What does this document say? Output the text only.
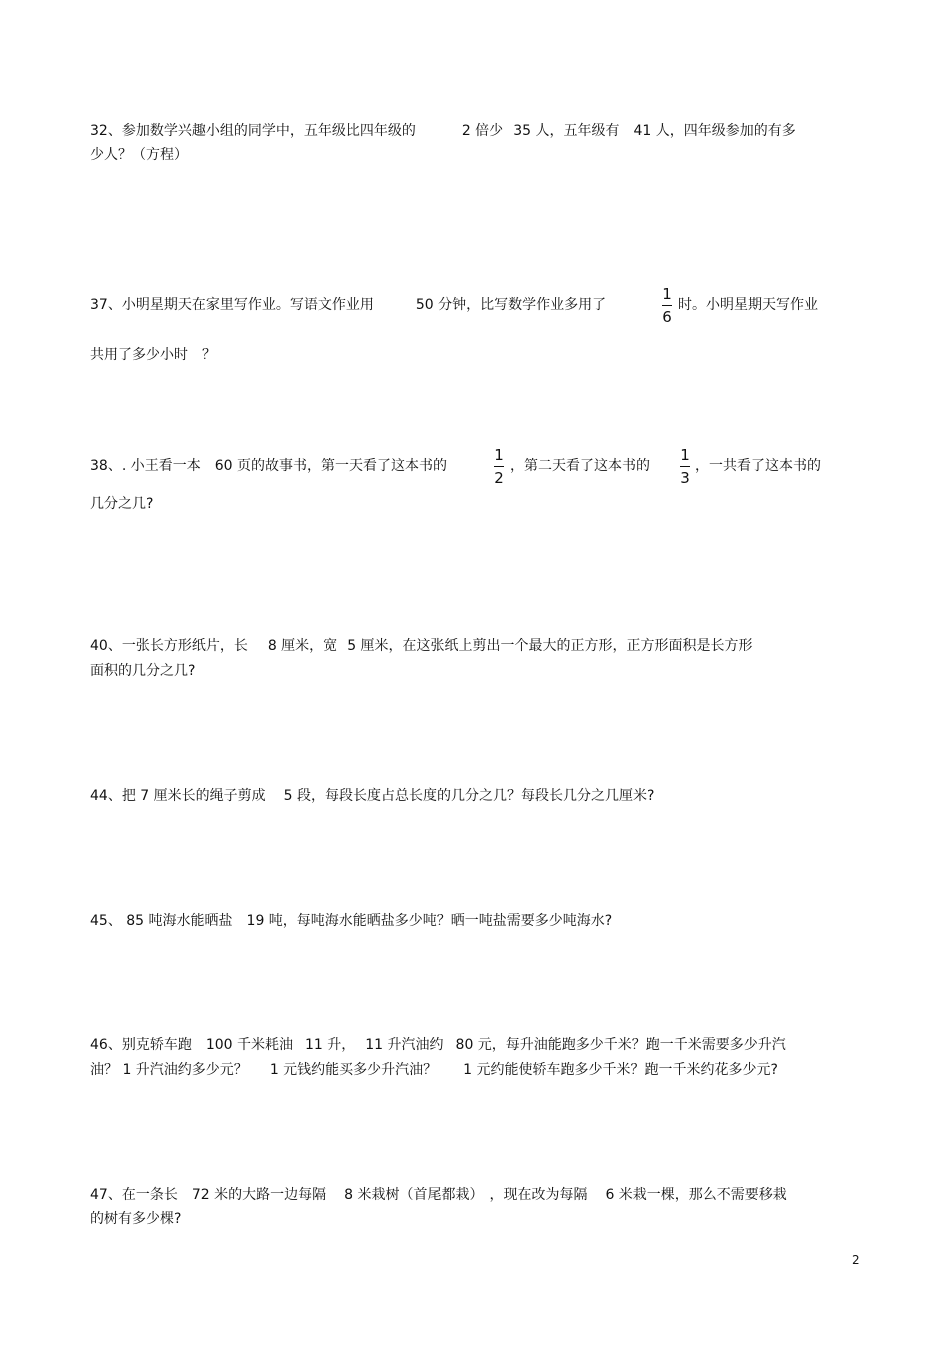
32、参加数学兴趣小组的同学中，五年级比四年级的	2 倍少 35 人，五年级有 41 人，四年级参加的有多
少人？（方程）
37、小明星期天在家里写作业。写语文作业用	50 分钟，比写数学作业多用了
1
6
时。小明星期天写作业
共用了多少小时　？
38、. 小王看一本 60 页的故事书，第一天看了这本书的
1
2
，第二天看了这本书的
1
3
，一共看了这本书的
几分之几?
40、一张长方形纸片，长 8 厘米，宽 5 厘米，在这张纸上剪出一个最大的正方形，正方形面积是长方形
面积的几分之几?
44、把 7 厘米长的绳子剪成 5 段，每段长度占总长度的几分之几？每段长几分之几厘米?
45、 85 吨海水能晒盐 19 吨，每吨海水能晒盐多少吨？晒一吨盐需要多少吨海水?
46、别克轿车跑 100 千米耗油 11 升， 11 升汽油约 80 元，每升油能跑多少千米？跑一千米需要多少升汽
油？ 1 升汽油约多少元？ 1 元钱约能买多少升汽油？ 1 元约能使轿车跑多少千米？跑一千米约花多少元?
47、在一条长 72 米的大路一边每隔 8 米栽树（首尾都栽） ，现在改为每隔 6 米栽一棵，那么不需要移栽
的树有多少棵?
2
